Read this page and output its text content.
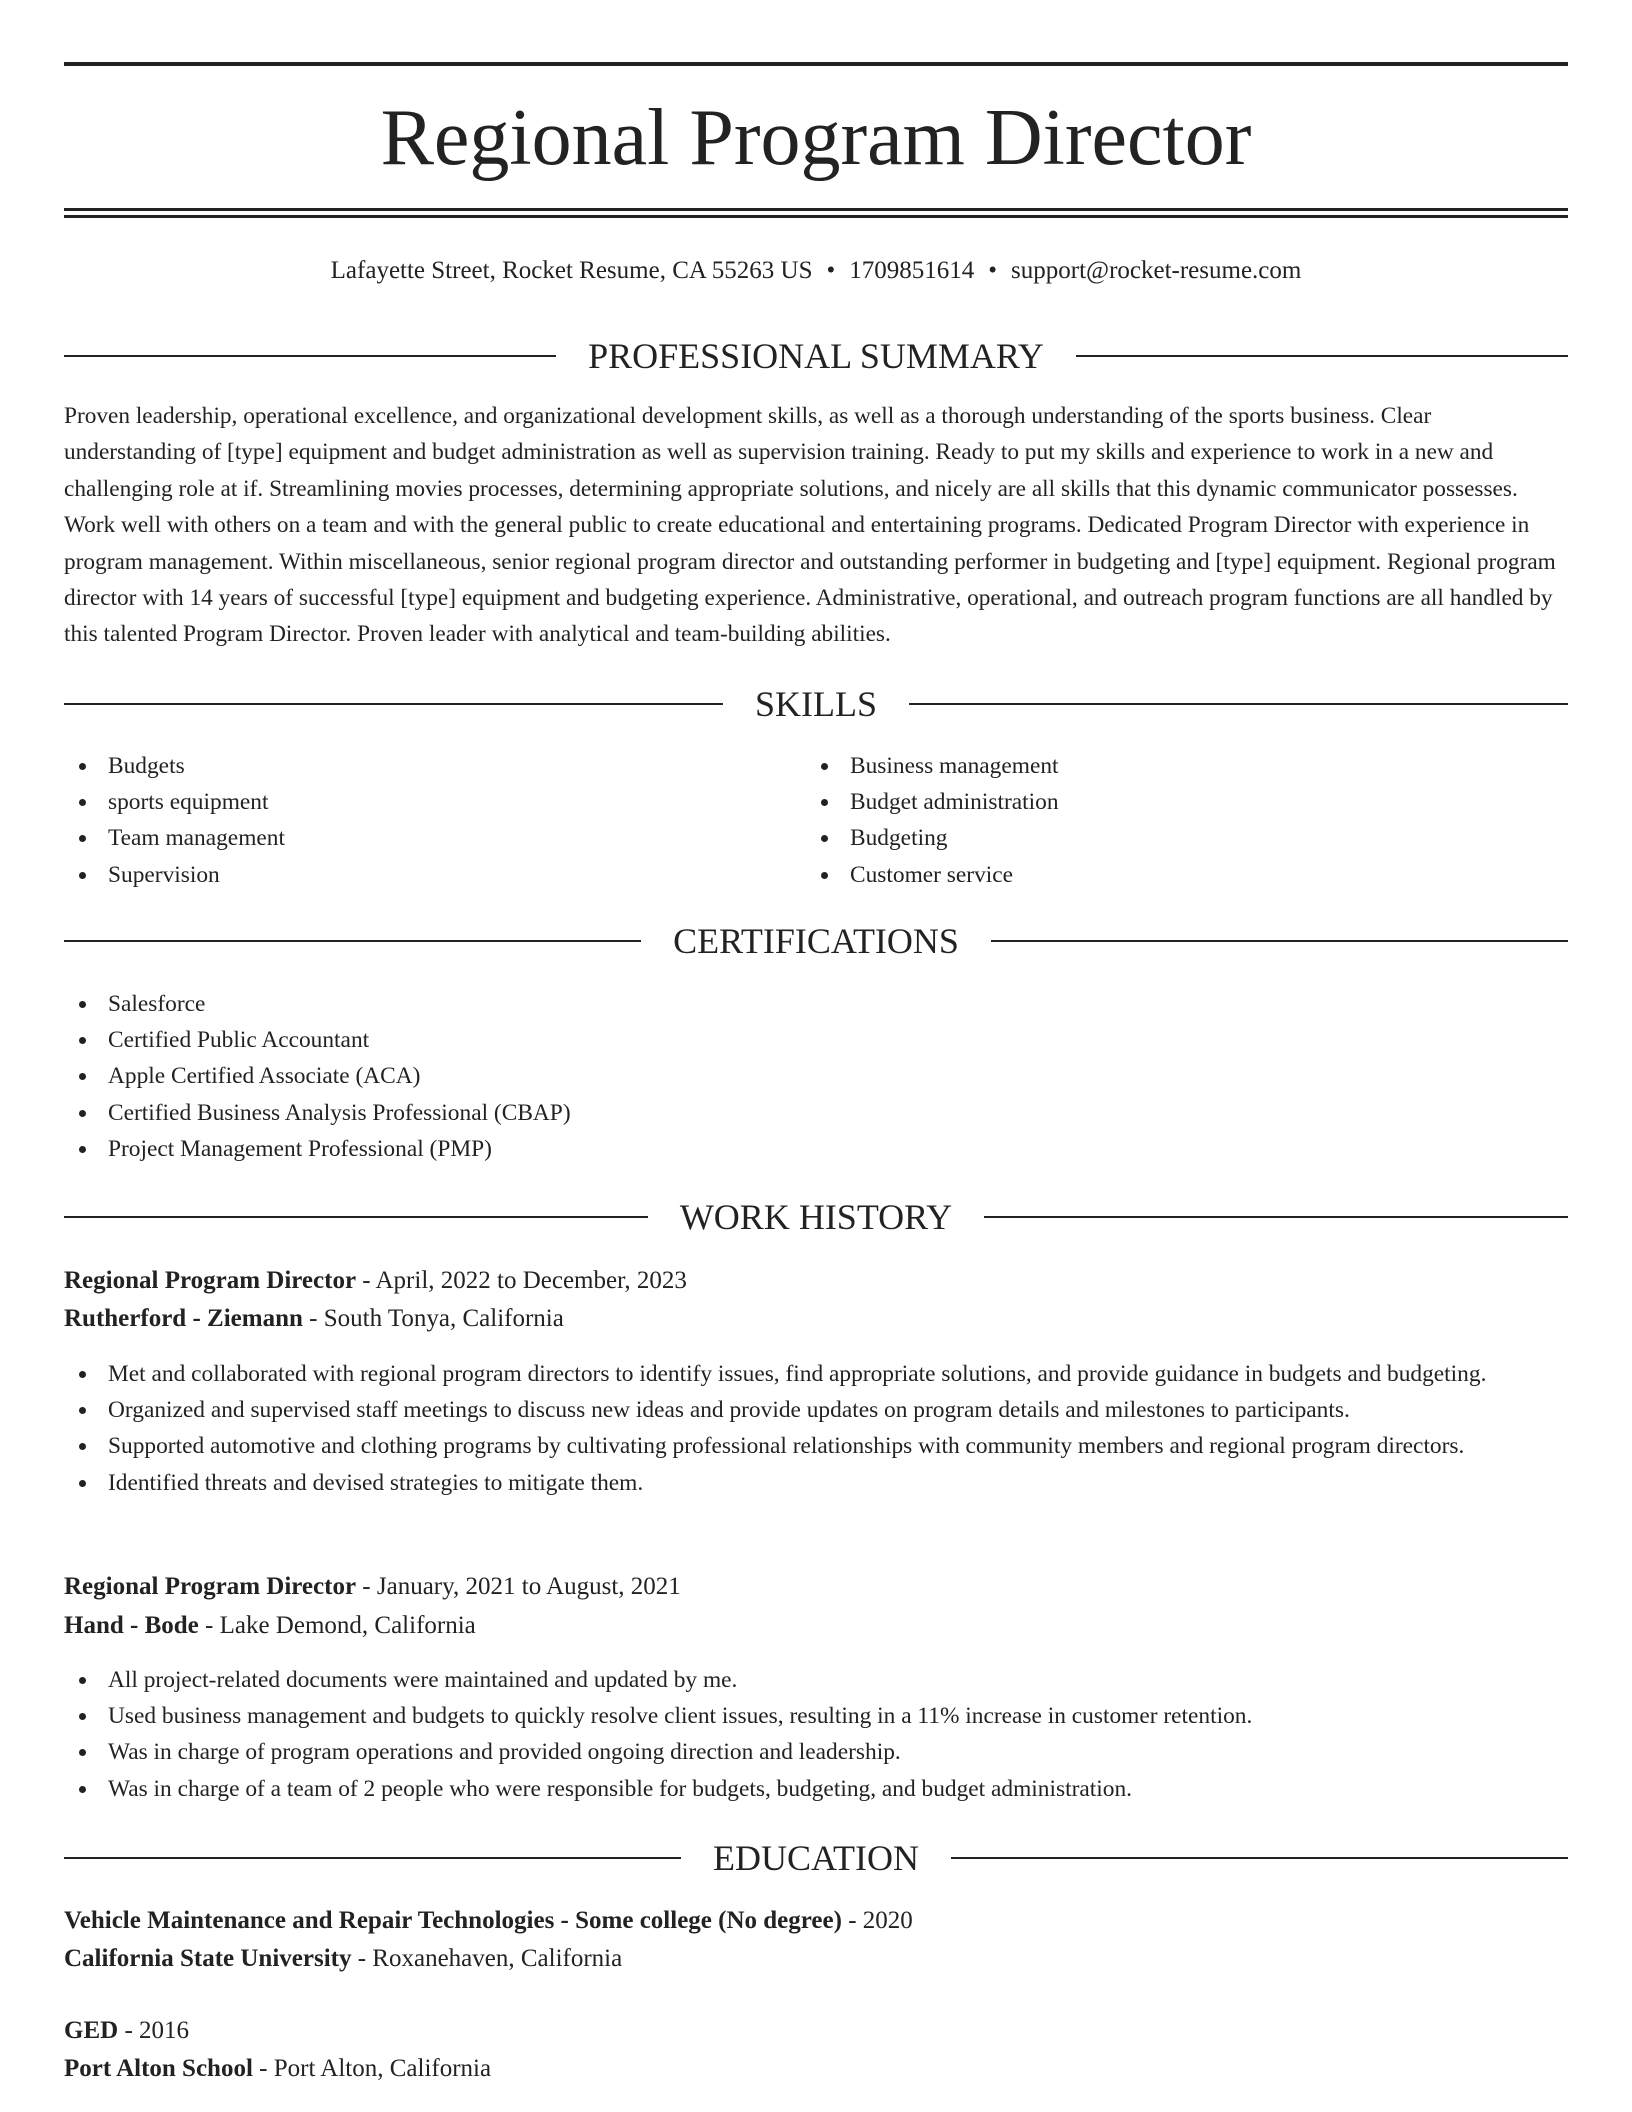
Regional Program Director
Lafayette Street, Rocket Resume, CA 55263 US • 1709851614 • support@rocket-resume.com
PROFESSIONAL SUMMARY

Proven leadership, operational excellence, and organizational development skills, as well as a thorough understanding of the sports business. Clear understanding of [type] equipment and budget administration as well as supervision training. Ready to put my skills and experience to work in a new and challenging role at if. Streamlining movies processes, determining appropriate solutions, and nicely are all skills that this dynamic communicator possesses. Work well with others on a team and with the general public to create educational and entertaining programs. Dedicated Program Director with experience in program management. Within miscellaneous, senior regional program director and outstanding performer in budgeting and [type] equipment. Regional program director with 14 years of successful [type] equipment and budgeting experience. Administrative, operational, and outreach program functions are all handled by this talented Program Director. Proven leader with analytical and team-building abilities.

SKILLS
Budgets
sports equipment
Team management
Supervision
Business management
Budget administration
Budgeting
Customer service
CERTIFICATIONS
Salesforce
Certified Public Accountant
Apple Certified Associate (ACA)
Certified Business Analysis Professional (CBAP)
Project Management Professional (PMP)
WORK HISTORY
Regional Program Director - April, 2022 to December, 2023
Rutherford - Ziemann - South Tonya, California
Met and collaborated with regional program directors to identify issues, find appropriate solutions, and provide guidance in budgets and budgeting.
Organized and supervised staff meetings to discuss new ideas and provide updates on program details and milestones to participants.
Supported automotive and clothing programs by cultivating professional relationships with community members and regional program directors.
Identified threats and devised strategies to mitigate them.
Regional Program Director - January, 2021 to August, 2021
Hand - Bode - Lake Demond, California
All project-related documents were maintained and updated by me.
Used business management and budgets to quickly resolve client issues, resulting in a 11% increase in customer retention.
Was in charge of program operations and provided ongoing direction and leadership.
Was in charge of a team of 2 people who were responsible for budgets, budgeting, and budget administration.
EDUCATION
Vehicle Maintenance and Repair Technologies - Some college (No degree) - 2020
California State University - Roxanehaven, California
GED - 2016
Port Alton School - Port Alton, California
